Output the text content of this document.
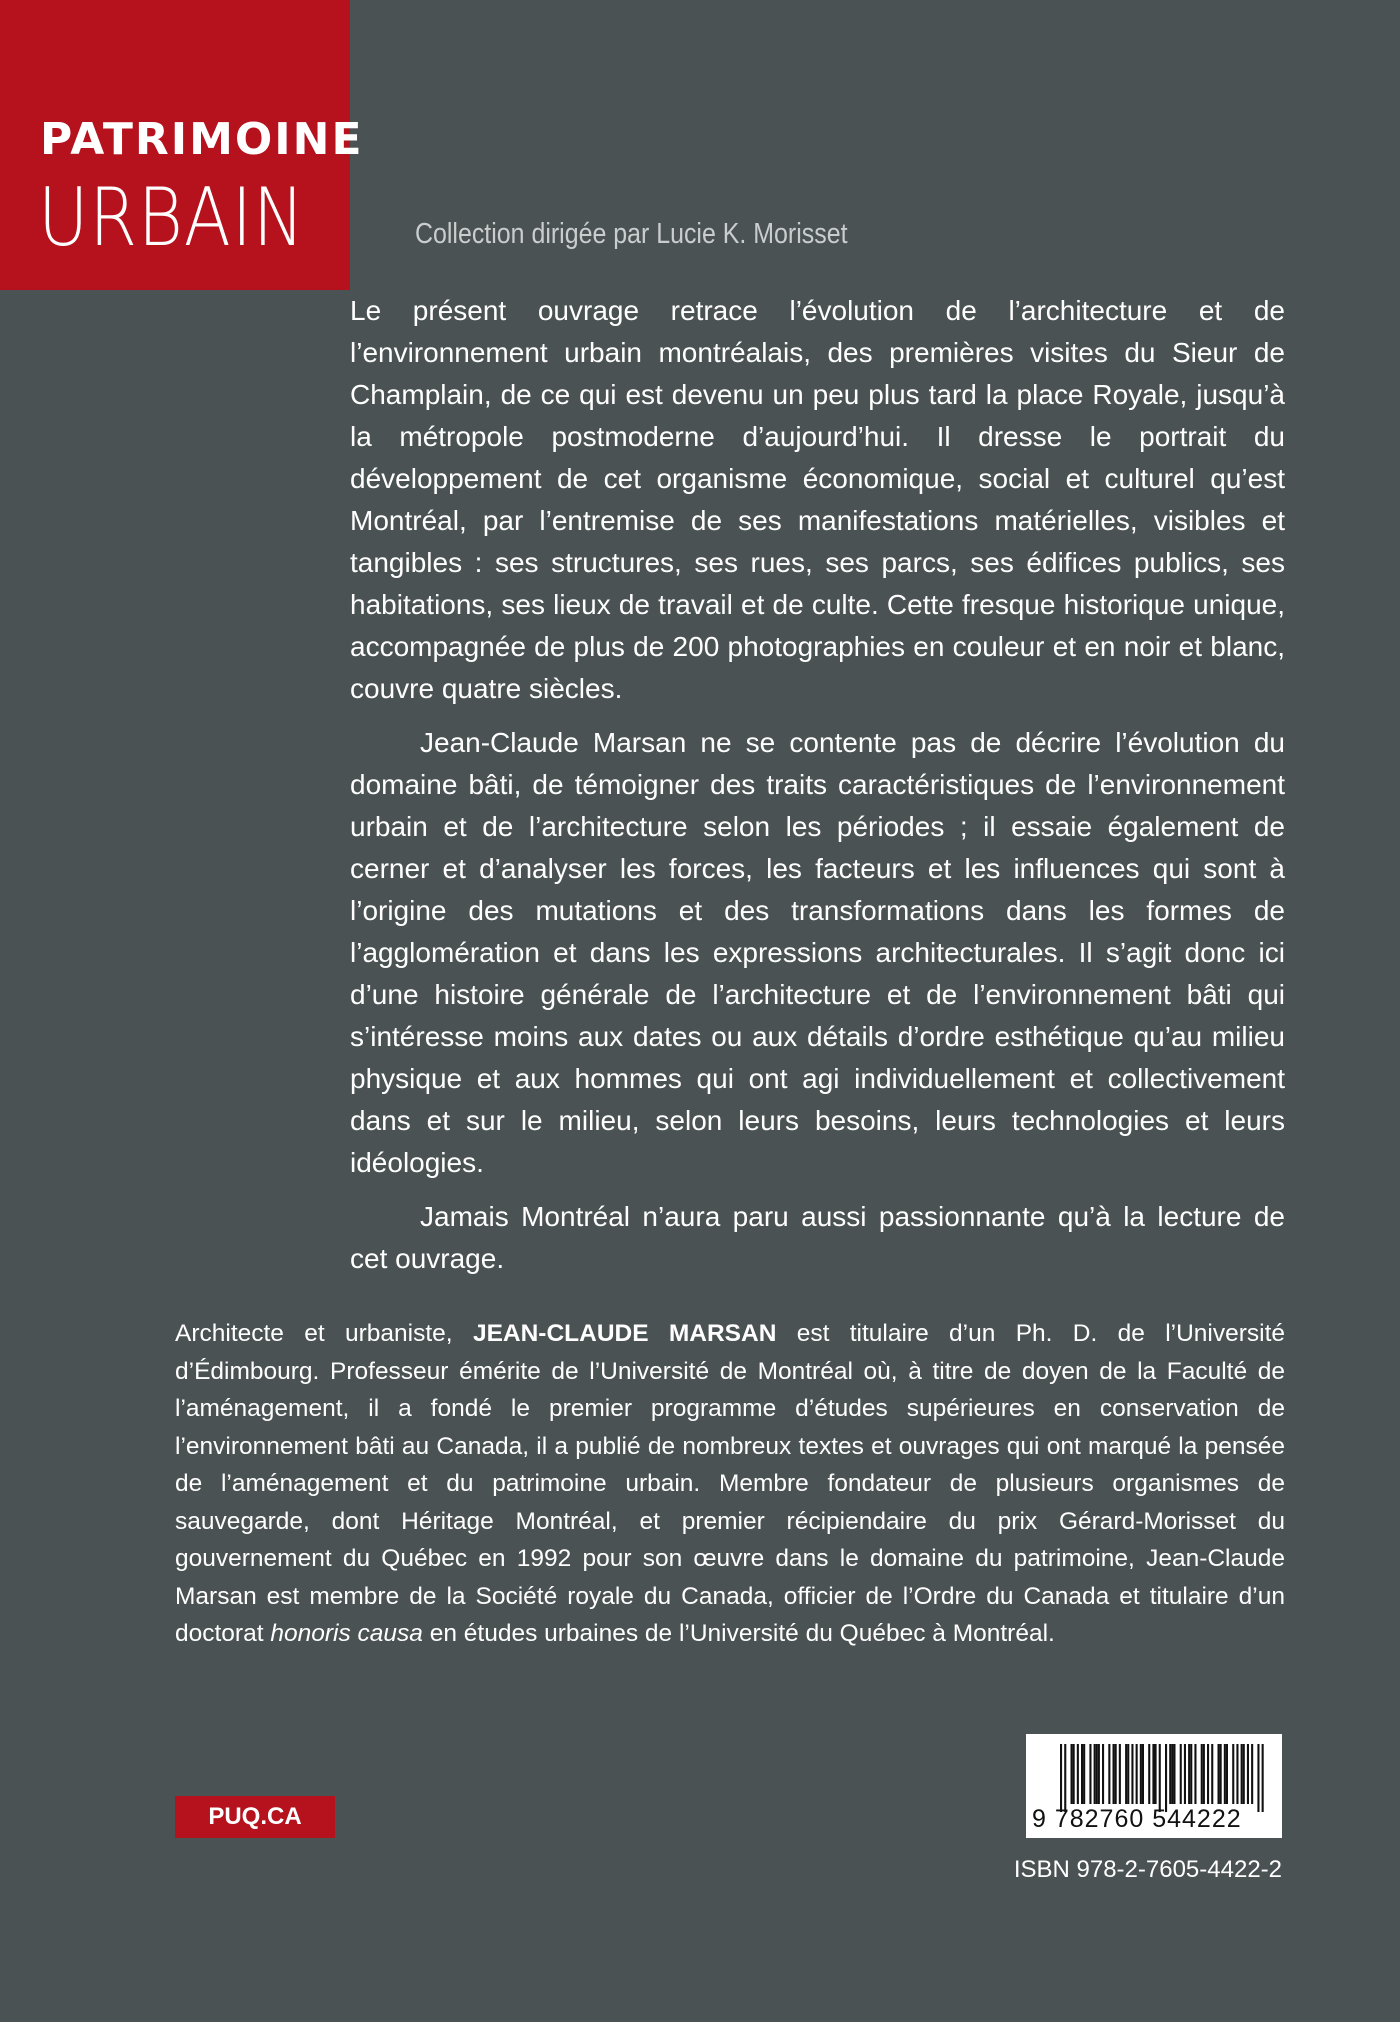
PATRIMOINE
URBAIN	Collection dirigée par Lucie K. Morisset

Le présent ouvrage retrace l’évolution de l’architecture et de l’environnement urbain montréalais, des premières visites du Sieur de Champlain, de ce qui est devenu un peu plus tard la place Royale, jusqu’à la métropole postmoderne d’aujourd’hui. Il dresse le portrait du développement de cet organisme économique, social et culturel qu’est Montréal, par l’entremise de ses manifestations matérielles, visibles et tangibles : ses structures, ses rues, ses parcs, ses édifices publics, ses habitations, ses lieux de travail et de culte. Cette fresque historique unique, accompagnée de plus de 200 photographies en couleur et en noir et blanc, couvre quatre siècles.

Jean-Claude Marsan ne se contente pas de décrire l’évolution du domaine bâti, de témoigner des traits caractéristiques de l’environnement urbain et de l’architecture selon les périodes ; il essaie également de cerner et d’analyser les forces, les facteurs et les influences qui sont à l’origine des mutations et des transformations dans les formes de l’agglomération et dans les expressions architecturales. Il s’agit donc ici d’une histoire générale de l’architecture et de l’environnement bâti qui s’intéresse moins aux dates ou aux détails d’ordre esthétique qu’au milieu physique et aux hommes qui ont agi individuellement et collectivement dans et sur le milieu, selon leurs besoins, leurs technologies et leurs idéologies.

Jamais Montréal n’aura paru aussi passionnante qu’à la lecture de cet ouvrage.

Architecte et urbaniste, JEAN-CLAUDE MARSAN est titulaire d’un Ph. D. de l’Université d’Édimbourg. Professeur émérite de l’Université de Montréal où, à titre de doyen de la Faculté de l’aménagement, il a fondé le premier programme d’études supérieures en conservation de l’environnement bâti au Canada, il a publié de nombreux textes et ouvrages qui ont marqué la pensée de l’aménagement et du patrimoine urbain. Membre fondateur de plusieurs organismes de sauvegarde, dont Héritage Montréal, et premier récipiendaire du prix Gérard-Morisset du gouvernement du Québec en 1992 pour son œuvre dans le domaine du patrimoine, Jean-Claude Marsan est membre de la Société royale du Canada, officier de l’Ordre du Canada et titulaire d’un doctorat honoris causa en études urbaines de l’Université du Québec à Montréal.

PUQ.CA	9 782760 544222
ISBN 978-2-7605-4422-2
